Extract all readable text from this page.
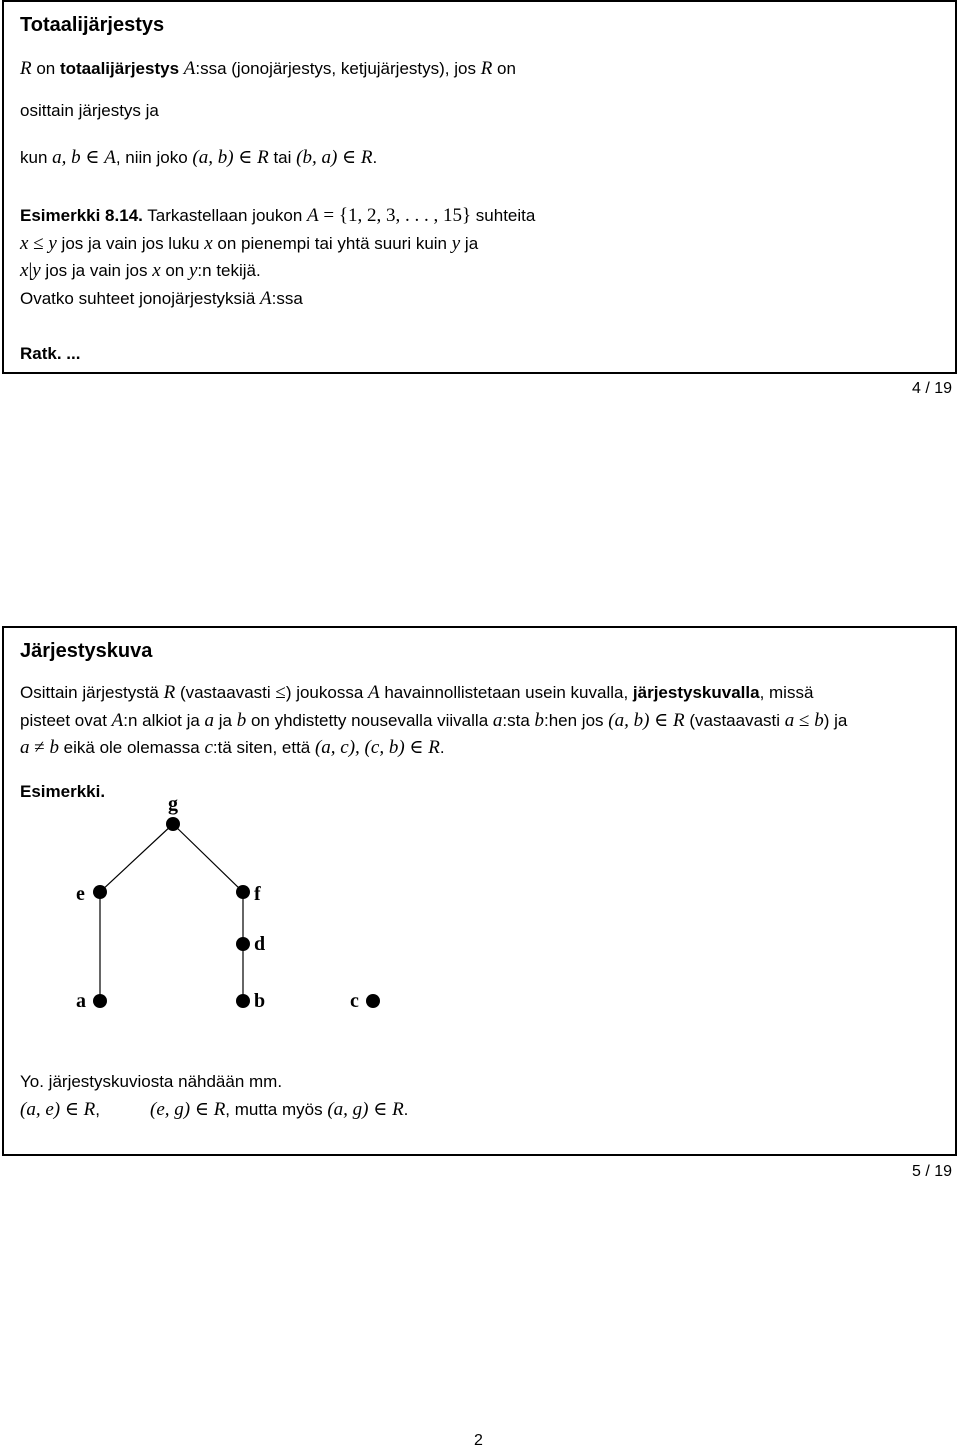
Totaalijärjestys
R on totaalijärjestys A:ssa (jonojärjestys, ketjujärjestys), jos R on
osittain järjestys ja
kun a, b ∈ A, niin joko (a, b) ∈ R tai (b, a) ∈ R.
Esimerkki 8.14. Tarkastellaan joukon A = {1, 2, 3, . . . , 15} suhteita
x ≤ y jos ja vain jos luku x on pienempi tai yhtä suuri kuin y ja
x|y jos ja vain jos x on y:n tekijä.
Ovatko suhteet jonojärjestyksiä A:ssa
Ratk. ...
4 / 19
Järjestyskuva
Osittain järjestystä R (vastaavasti ≤) joukossa A havainnollistetaan usein kuvalla, järjestyskuvalla, missä
pisteet ovat A:n alkiot ja a ja b on yhdistetty nousevalla viivalla a:sta b:hen jos (a, b) ∈ R (vastaavasti a ≤ b) ja
a ≠ b eikä ole olemassa c:tä siten, että (a, c), (c, b) ∈ R.
Esimerkki.
Yo. järjestyskuviosta nähdään mm.
(a, e) ∈ R,	(e, g) ∈ R, mutta myös (a, g) ∈ R.
g
e	f
d
a	b	c
5 / 19
2
